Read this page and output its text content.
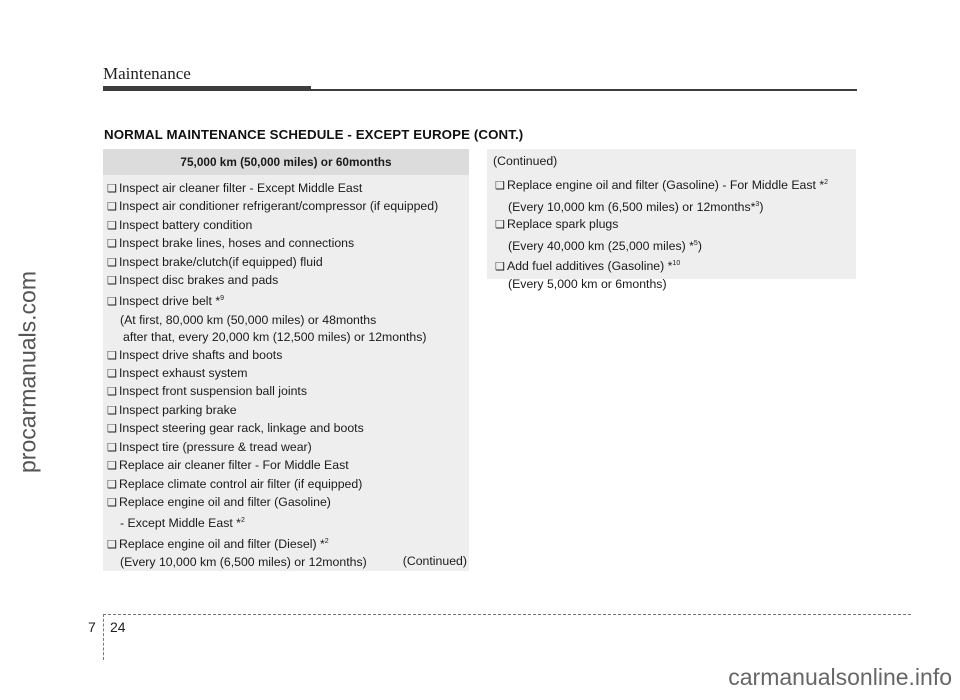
Maintenance
NORMAL MAINTENANCE SCHEDULE - EXCEPT EUROPE (CONT.)
75,000 km (50,000 miles) or 60months
❑ Inspect air cleaner filter - Except Middle East
❑ Inspect air conditioner refrigerant/compressor (if equipped)
❑ Inspect battery condition
❑ Inspect brake lines, hoses and connections
❑ Inspect brake/clutch(if equipped) fluid
❑ Inspect disc brakes and pads
❑ Inspect drive belt *$^9$
(At first, 80,000 km (50,000 miles) or 48months
after that, every 20,000 km (12,500 miles) or 12months)
❑ Inspect drive shafts and boots
❑ Inspect exhaust system
❑ Inspect front suspension ball joints
❑ Inspect parking brake
❑ Inspect steering gear rack, linkage and boots
❑ Inspect tire (pressure & tread wear)
❑ Replace air cleaner filter - For Middle East
❑ Replace climate control air filter (if equipped)
❑ Replace engine oil and filter (Gasoline)
- Except Middle East *$^2$
❑ Replace engine oil and filter (Diesel) *$^2$
(Every 10,000 km (6,500 miles) or 12months)	(Continued)
(Continued)
❑ Replace engine oil and filter (Gasoline) - For Middle East *$^2$
(Every 10,000 km (6,500 miles) or 12months*$^3$)
❑ Replace spark plugs
(Every 40,000 km (25,000 miles) *$^5$)
❑ Add fuel additives (Gasoline) *$^{10}$
(Every 5,000 km or 6months)
7 24
procarmanuals.com
carmanualsonline.info
